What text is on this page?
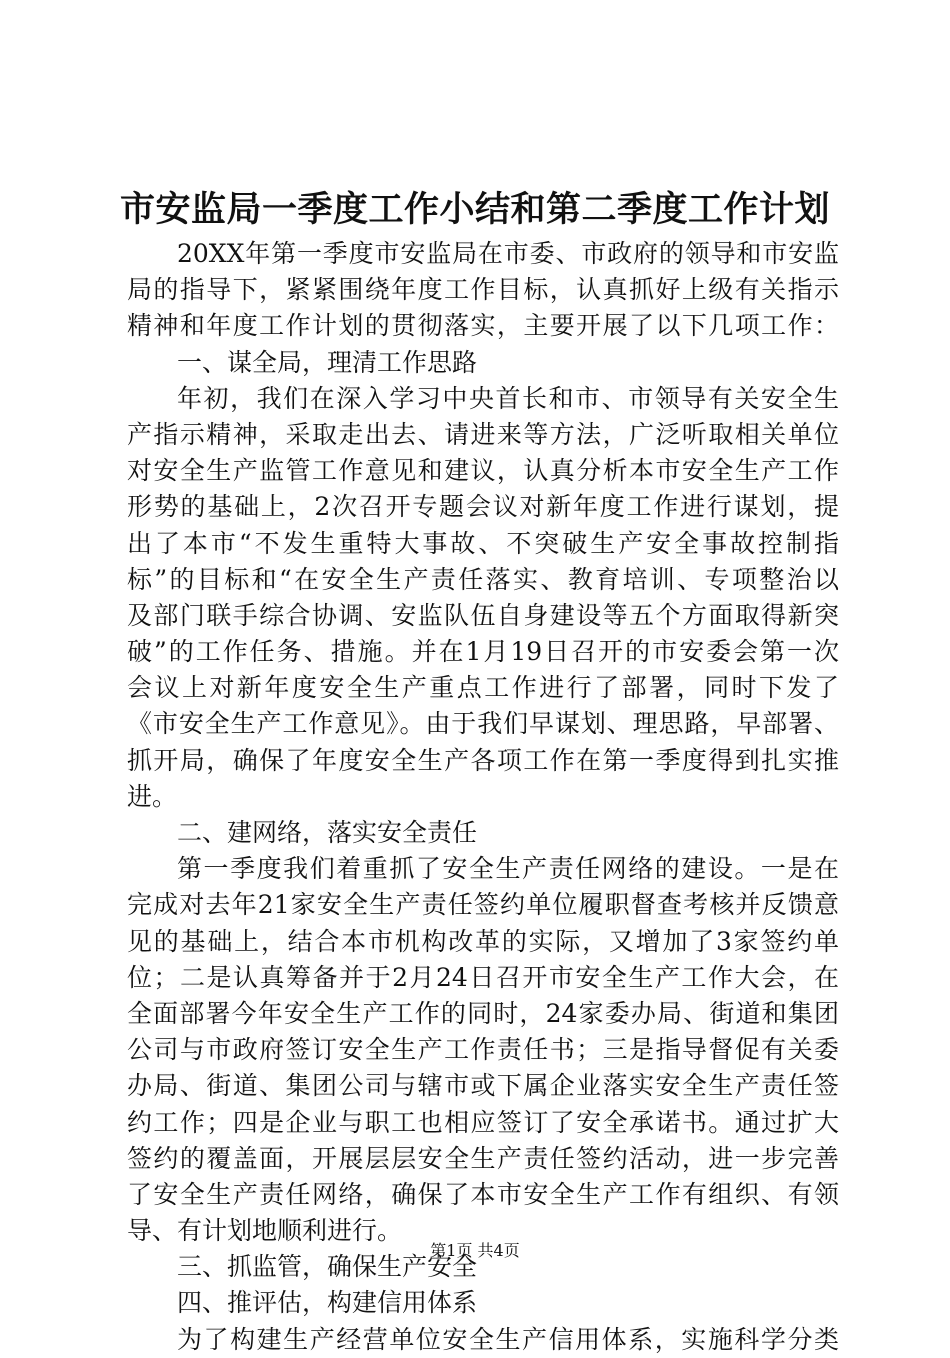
市安监局一季度工作小结和第二季度工作计划
20XX年第一季度市安监局在市委、市政府的领导和市安监
局的指导下，紧紧围绕年度工作目标，认真抓好上级有关指示
精神和年度工作计划的贯彻落实，主要开展了以下几项工作：
一、谋全局，理清工作思路
年初，我们在深入学习中央首长和市、市领导有关安全生
产指示精神，采取走出去、请进来等方法，广泛听取相关单位
对安全生产监管工作意见和建议，认真分析本市安全生产工作
形势的基础上，2次召开专题会议对新年度工作进行谋划，提
出了本市“不发生重特大事故、不突破生产安全事故控制指
标”的目标和“在安全生产责任落实、教育培训、专项整治以
及部门联手综合协调、安监队伍自身建设等五个方面取得新突
破”的工作任务、措施。并在1月19日召开的市安委会第一次
会议上对新年度安全生产重点工作进行了部署，同时下发了
《市安全生产工作意见》。由于我们早谋划、理思路，早部署、
抓开局，确保了年度安全生产各项工作在第一季度得到扎实推
进。
二、建网络，落实安全责任
第一季度我们着重抓了安全生产责任网络的建设。一是在
完成对去年21家安全生产责任签约单位履职督查考核并反馈意
见的基础上，结合本市机构改革的实际，又增加了3家签约单
位；二是认真筹备并于2月24日召开市安全生产工作大会，在
全面部署今年安全生产工作的同时，24家委办局、街道和集团
公司与市政府签订安全生产工作责任书；三是指导督促有关委
办局、街道、集团公司与辖市或下属企业落实安全生产责任签
约工作；四是企业与职工也相应签订了安全承诺书。通过扩大
签约的覆盖面，开展层层安全生产责任签约活动，进一步完善
了安全生产责任网络，确保了本市安全生产工作有组织、有领
导、有计划地顺利进行。
三、抓监管，确保生产安全
四、推评估，构建信用体系
为了构建生产经营单位安全生产信用体系，实施科学分类
第1页 共4页
